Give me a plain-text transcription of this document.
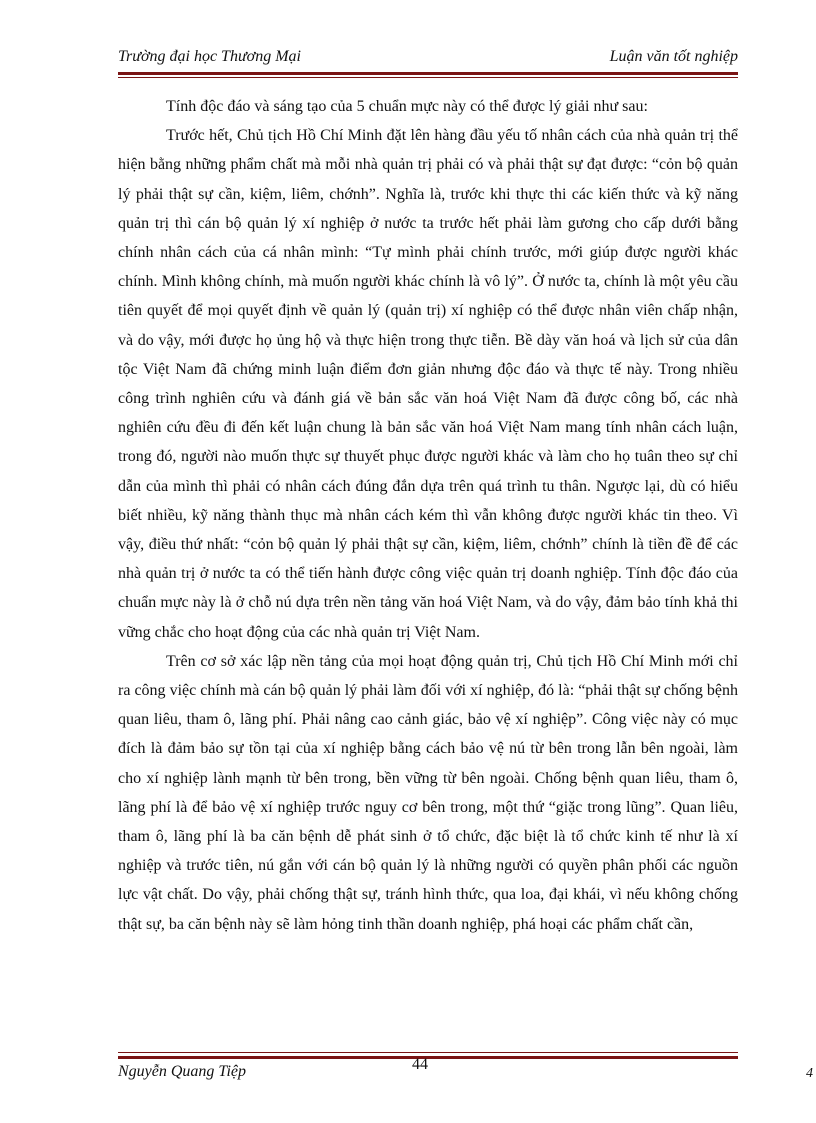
Trường đại học Thương Mại	Luận văn tốt nghiệp

Tính độc đáo và sáng tạo của 5 chuẩn mực này có thể được lý giải như sau:

Trước hết, Chủ tịch Hồ Chí Minh đặt lên hàng đầu yếu tố nhân cách của nhà quản trị thể hiện bằng những phẩm chất mà mỗi nhà quản trị phải có và phải thật sự đạt được: “cỏn bộ quản lý phải thật sự cần, kiệm, liêm, chớnh”. Nghĩa là, trước khi thực thi các kiến thức và kỹ năng quản trị thì cán bộ quản lý xí nghiệp ở nước ta trước hết phải làm gương cho cấp dưới bằng chính nhân cách của cá nhân mình: “Tự mình phải chính trước, mới giúp được người khác chính. Mình không chính, mà muốn người khác chính là vô lý”. Ở nước ta, chính là một yêu cầu tiên quyết để mọi quyết định về quản lý (quản trị) xí nghiệp có thể được nhân viên chấp nhận, và do vậy, mới được họ ủng hộ và thực hiện trong thực tiễn. Bề dày văn hoá và lịch sử của dân tộc Việt Nam đã chứng minh luận điểm đơn giản nhưng độc đáo và thực tế này. Trong nhiều công trình nghiên cứu và đánh giá về bản sắc văn hoá Việt Nam đã được công bố, các nhà nghiên cứu đều đi đến kết luận chung là bản sắc văn hoá Việt Nam mang tính nhân cách luận, trong đó, người nào muốn thực sự thuyết phục được người khác và làm cho họ tuân theo sự chỉ dẫn của mình thì phải có nhân cách đúng đắn dựa trên quá trình tu thân. Ngược lại, dù có hiểu biết nhiều, kỹ năng thành thục mà nhân cách kém thì vẫn không được người khác tin theo. Vì vậy, điều thứ nhất: “cỏn bộ quản lý phải thật sự cần, kiệm, liêm, chớnh” chính là tiền đề để các nhà quản trị ở nước ta có thể tiến hành được công việc quản trị doanh nghiệp. Tính độc đáo của chuẩn mực này là ở chỗ nú dựa trên nền tảng văn hoá Việt Nam, và do vậy, đảm bảo tính khả thi vững chắc cho hoạt động của các nhà quản trị Việt Nam.

Trên cơ sở xác lập nền tảng của mọi hoạt động quản trị, Chủ tịch Hồ Chí Minh mới chỉ ra công việc chính mà cán bộ quản lý phải làm đối với xí nghiệp, đó là: “phải thật sự chống bệnh quan liêu, tham ô, lãng phí. Phải nâng cao cảnh giác, bảo vệ xí nghiệp”. Công việc này có mục đích là đảm bảo sự tồn tại của xí nghiệp bằng cách bảo vệ nú từ bên trong lẫn bên ngoài, làm cho xí nghiệp lành mạnh từ bên trong, bền vững từ bên ngoài. Chống bệnh quan liêu, tham ô, lãng phí là để bảo vệ xí nghiệp trước nguy cơ bên trong, một thứ “giặc trong lũng”. Quan liêu, tham ô, lãng phí là ba căn bệnh dễ phát sinh ở tổ chức, đặc biệt là tổ chức kinh tế như là xí nghiệp và trước tiên, nú gắn với cán bộ quản lý là những người có quyền phân phối các nguồn lực vật chất. Do vậy, phải chống thật sự, tránh hình thức, qua loa, đại khái, vì nếu không chống thật sự, ba căn bệnh này sẽ làm hỏng tinh thần doanh nghiệp, phá hoại các phẩm chất cần,

44
Nguyễn Quang Tiệp	4
